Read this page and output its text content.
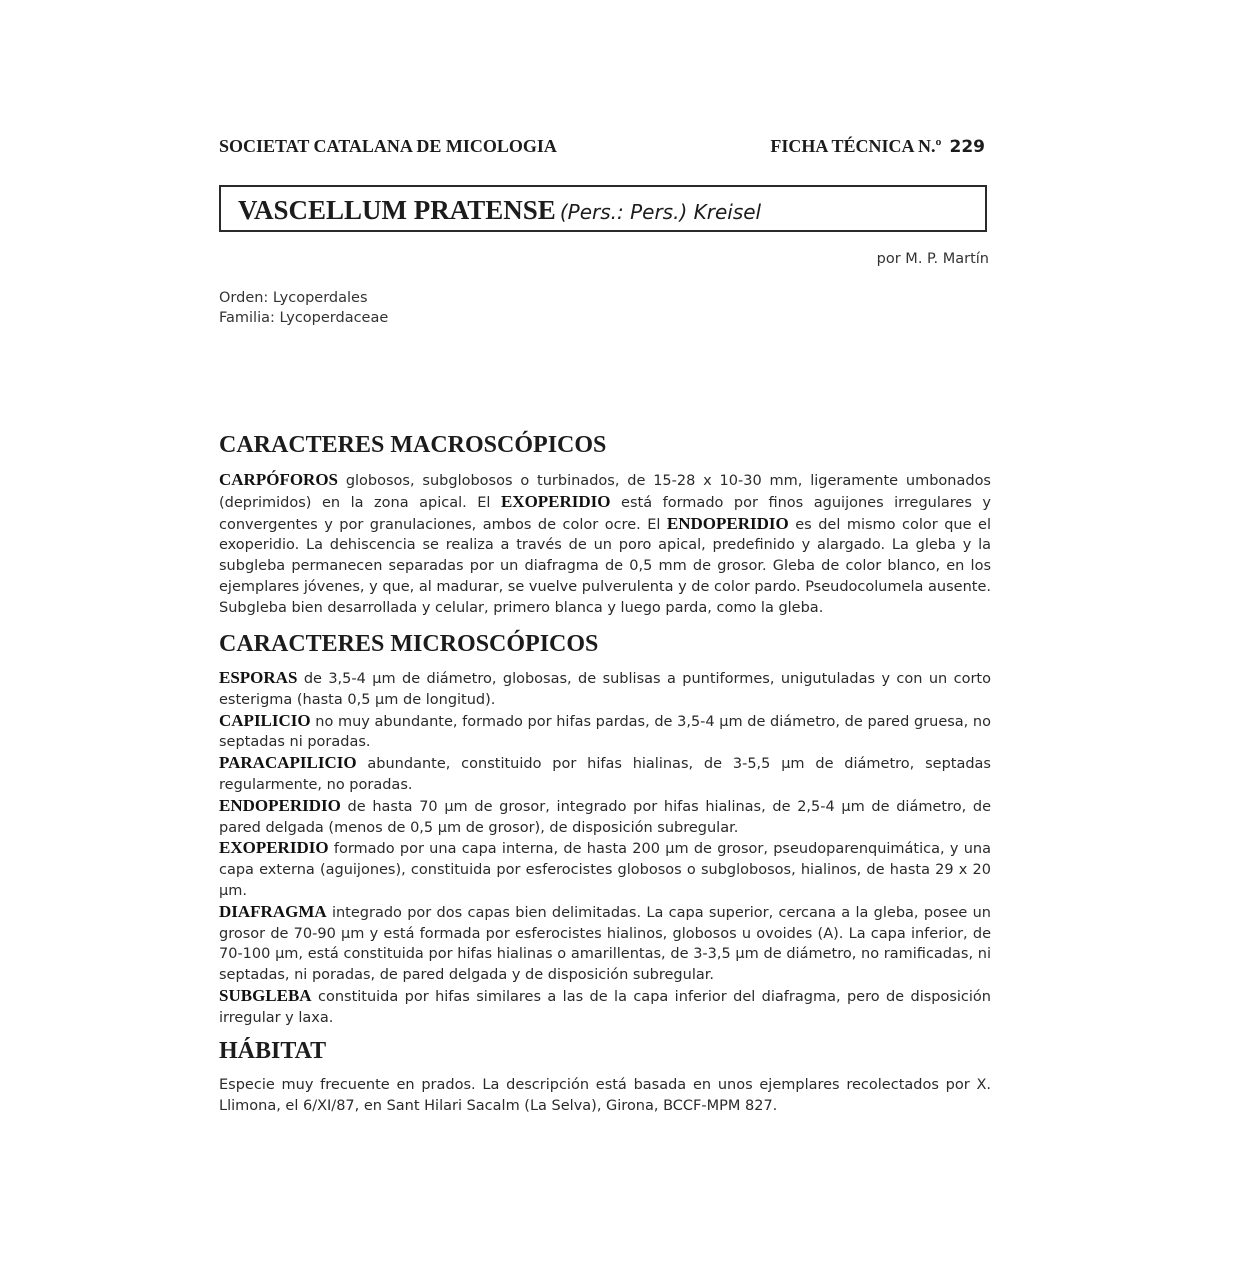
SOCIETAT CATALANA DE MICOLOGIA	FICHA TÉCNICA N.º 229
VASCELLUM PRATENSE (Pers.: Pers.) Kreisel
por M. P. Martín
Orden: Lycoperdales
Familia: Lycoperdaceae
CARACTERES MACROSCÓPICOS

CARPÓFOROS globosos, subglobosos o turbinados, de 15-28 x 10-30 mm, ligeramente umbonados (deprimidos) en la zona apical. El EXOPERIDIO está formado por finos aguijones irregulares y convergentes y por granulaciones, ambos de color ocre. El ENDOPERIDIO es del mismo color que el exoperidio. La dehiscencia se realiza a través de un poro apical, predefinido y alargado. La gleba y la subgleba permanecen separadas por un diafragma de 0,5 mm de grosor. Gleba de color blanco, en los ejemplares jóvenes, y que, al madurar, se vuelve pulverulenta y de color pardo. Pseudocolumela ausente. Subgleba bien desarrollada y celular, primero blanca y luego parda, como la gleba.

CARACTERES MICROSCÓPICOS

ESPORAS de 3,5-4 µm de diámetro, globosas, de sublisas a puntiformes, unigutuladas y con un corto esterigma (hasta 0,5 µm de longitud).

CAPILICIO no muy abundante, formado por hifas pardas, de 3,5-4 µm de diámetro, de pared gruesa, no septadas ni poradas.

PARACAPILICIO abundante, constituido por hifas hialinas, de 3-5,5 µm de diámetro, septadas regularmente, no poradas.

ENDOPERIDIO de hasta 70 µm de grosor, integrado por hifas hialinas, de 2,5-4 µm de diámetro, de pared delgada (menos de 0,5 µm de grosor), de disposición subregular.

EXOPERIDIO formado por una capa interna, de hasta 200 µm de grosor, pseudoparenquimática, y una capa externa (aguijones), constituida por esferocistes globosos o subglobosos, hialinos, de hasta 29 x 20 µm.

DIAFRAGMA integrado por dos capas bien delimitadas. La capa superior, cercana a la gleba, posee un grosor de 70-90 µm y está formada por esferocistes hialinos, globosos u ovoides (A). La capa inferior, de 70-100 µm, está constituida por hifas hialinas o amarillentas, de 3-3,5 µm de diámetro, no ramificadas, ni septadas, ni poradas, de pared delgada y de disposición subregular.

SUBGLEBA constituida por hifas similares a las de la capa inferior del diafragma, pero de disposición irregular y laxa.

HÁBITAT

Especie muy frecuente en prados. La descripción está basada en unos ejemplares recolectados por X. Llimona, el 6/XI/87, en Sant Hilari Sacalm (La Selva), Girona, BCCF-MPM 827.
